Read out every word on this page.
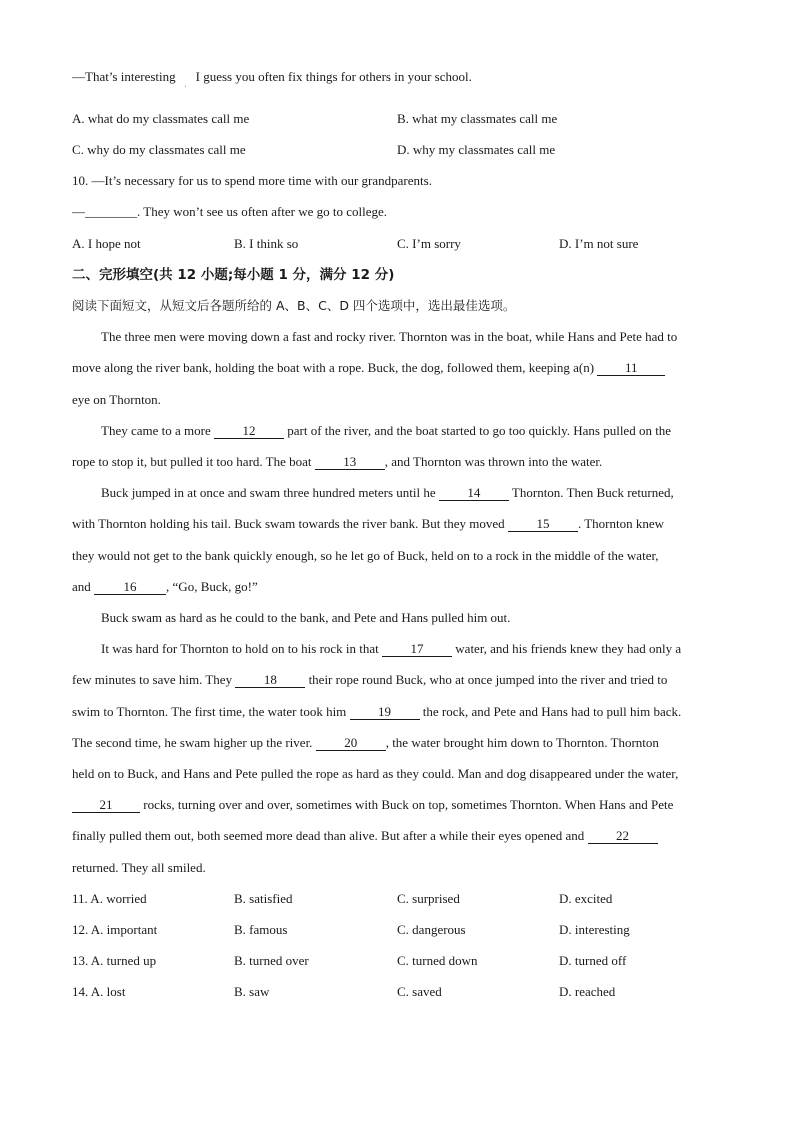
—That’s interesting ˌ I guess you often fix things for others in your school.
A. what do my classmates call me	B. what my classmates call me
C. why do my classmates call me	D. why my classmates call me
10. —It’s necessary for us to spend more time with our grandparents.
—________. They won’t see us often after we go to college.
A. I hope not	B. I think so	C. I’m sorry	D. I’m not sure
二、完形填空(共 12 小题;每小题 1 分，满分 12 分)
阅读下面短文，从短文后各题所给的 A、B、C、D 四个选项中，选出最佳选项。
The three men were moving down a fast and rocky river. Thornton was in the boat, while Hans and Pete had to
move along the river bank, holding the boat with a rope. Buck, the dog, followed them, keeping a(n) 11
eye on Thornton.
They came to a more 12 part of the river, and the boat started to go too quickly. Hans pulled on the
rope to stop it, but pulled it too hard. The boat 13 , and Thornton was thrown into the water.
Buck jumped in at once and swam three hundred meters until he 14 Thornton. Then Buck returned,
with Thornton holding his tail. Buck swam towards the river bank. But they moved 15 . Thornton knew
they would not get to the bank quickly enough, so he let go of Buck, held on to a rock in the middle of the water,
and	16 , “Go, Buck, go!”
Buck swam as hard as he could to the bank, and Pete and Hans pulled him out.
It was hard for Thornton to hold on to his rock in that 17 water, and his friends knew they had only a
few minutes to save him. They 18 their rope round Buck, who at once jumped into the river and tried to
swim to Thornton. The first time, the water took him 19 the rock, and Pete and Hans had to pull him back.
The second time, he swam higher up the river. 20 , the water brought him down to Thornton. Thornton
held on to Buck, and Hans and Pete pulled the rope as hard as they could. Man and dog disappeared under the water,
21 rocks, turning over and over, sometimes with Buck on top, sometimes Thornton. When Hans and Pete
finally pulled them out, both seemed more dead than alive. But after a while their eyes opened and 22
returned. They all smiled.
11. A. worried	B. satisfied	C. surprised	D. excited
12. A. important	B. famous	C. dangerous	D. interesting
13. A. turned up	B. turned over	C. turned down	D. turned off
14. A. lost	B. saw	C. saved	D. reached
